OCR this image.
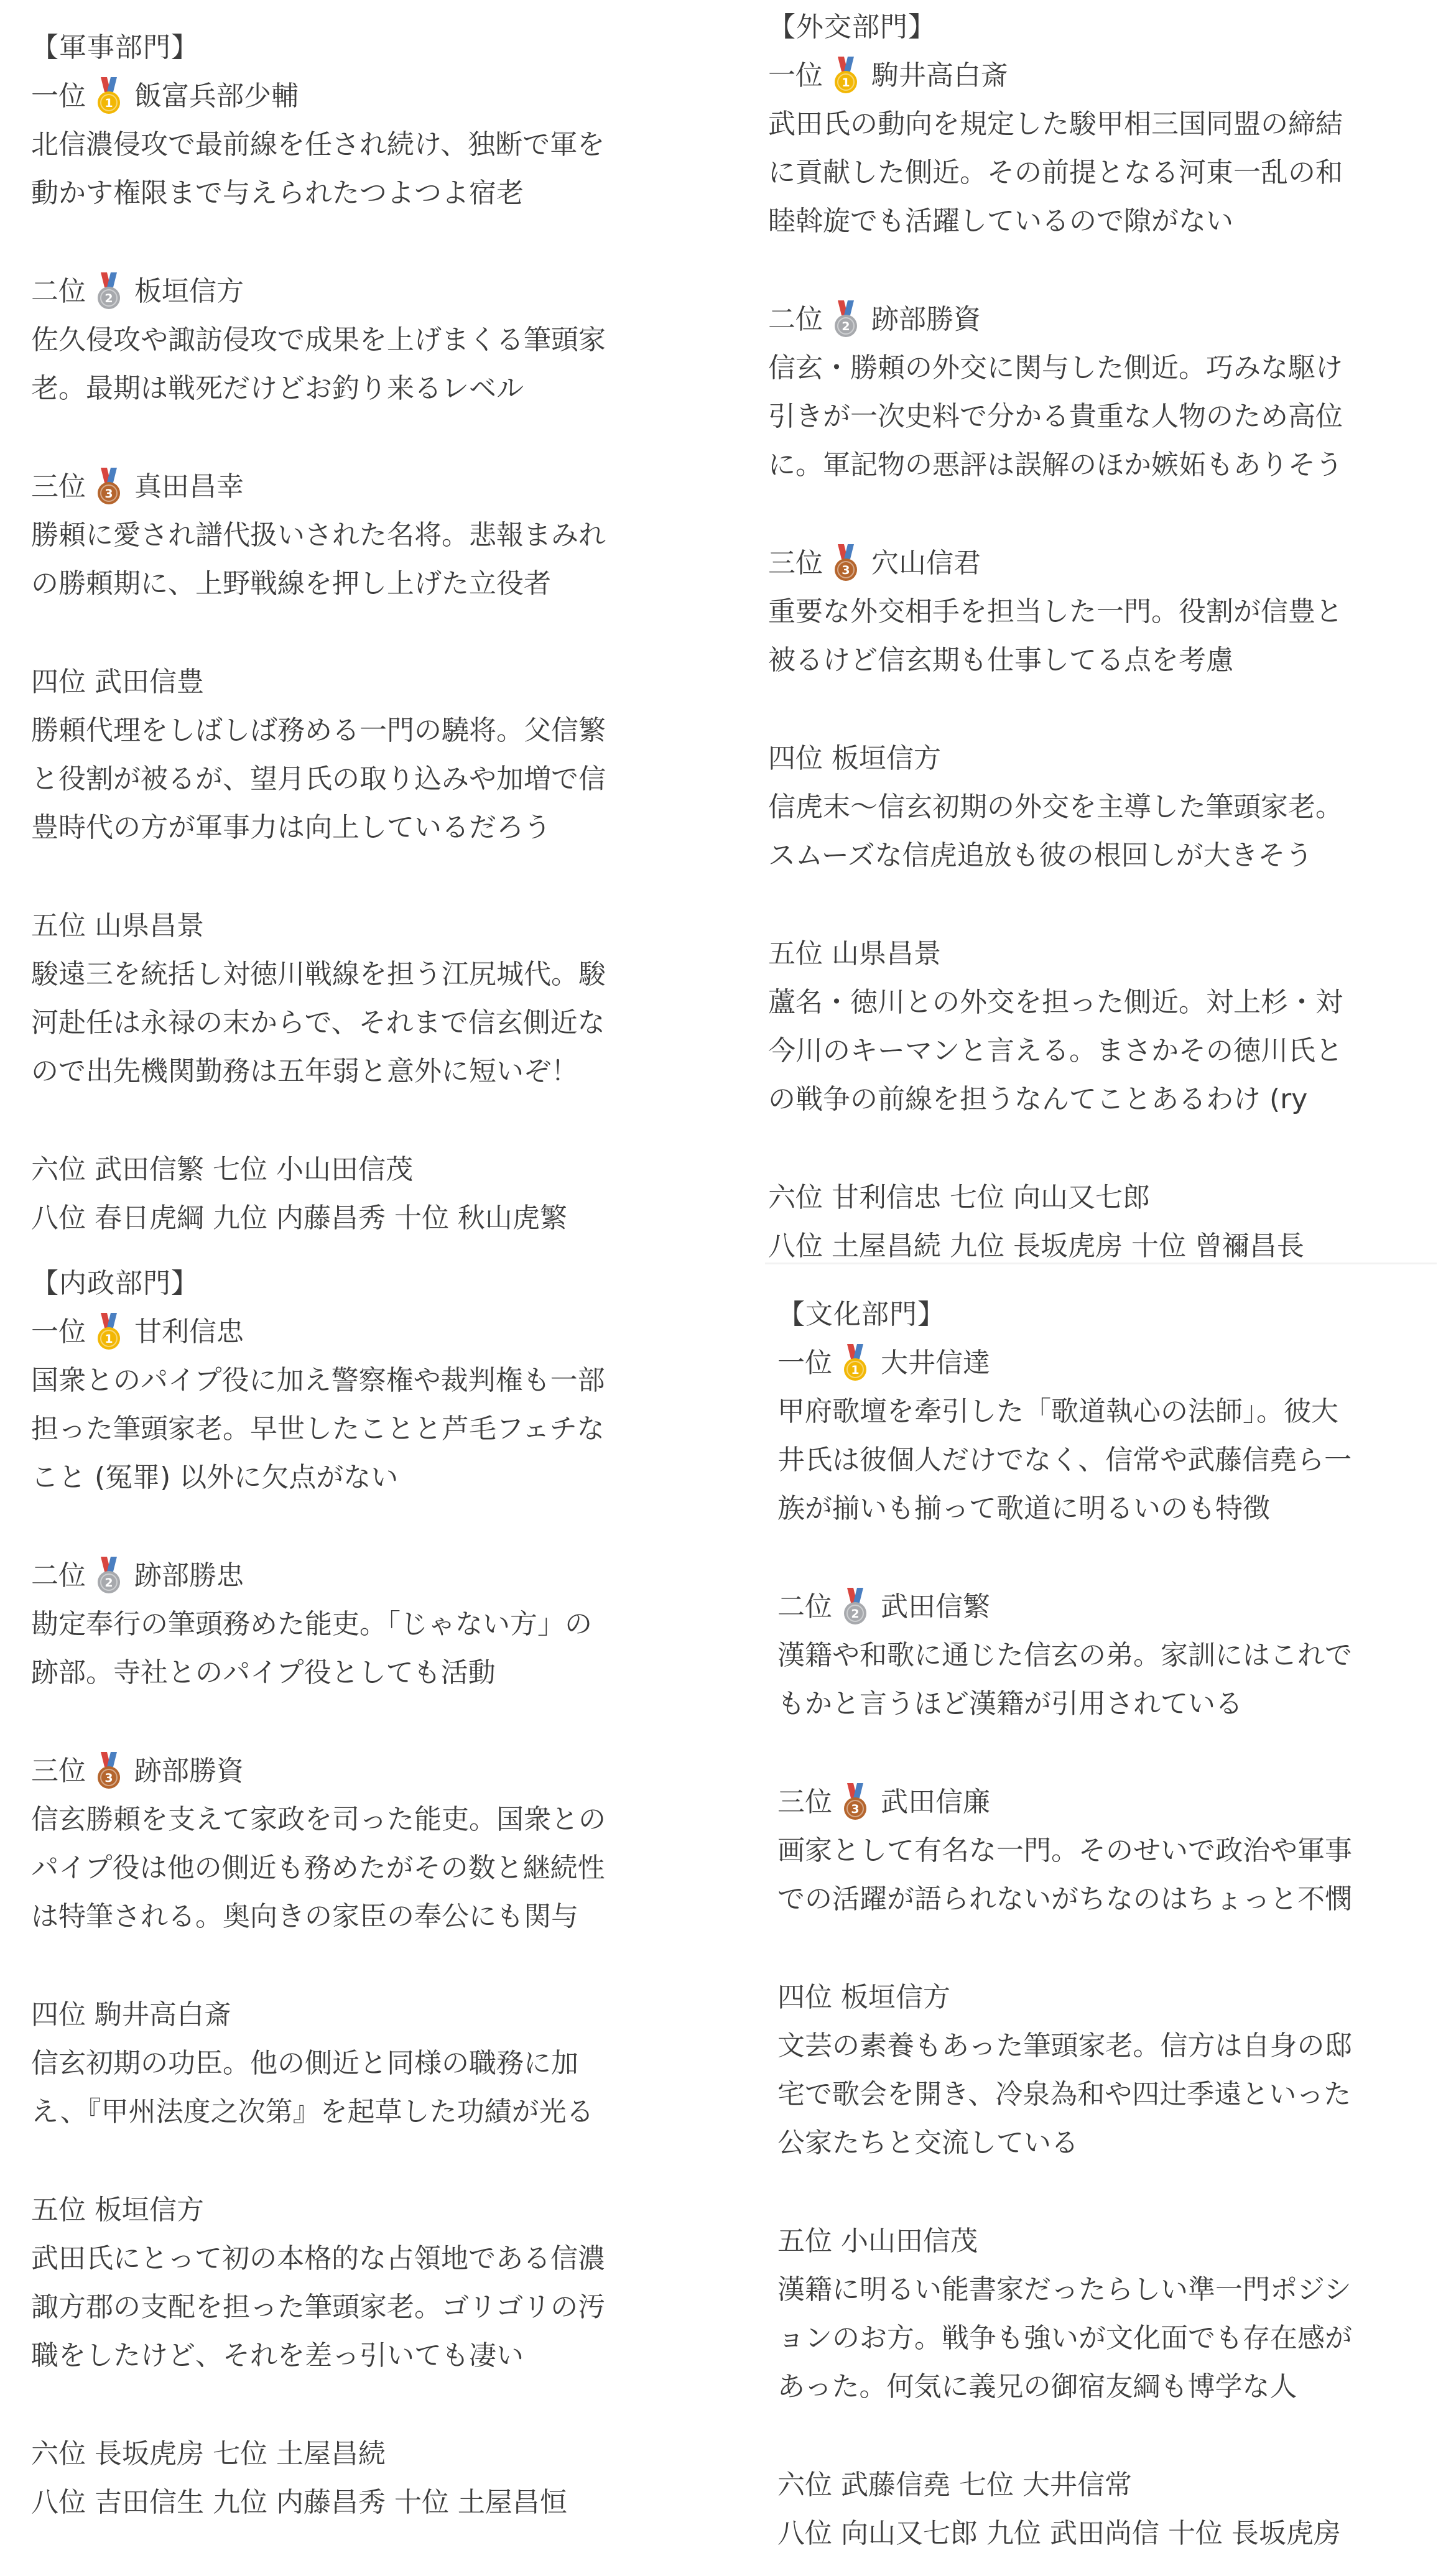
【軍事部門】
一位 1 飯富兵部少輔
北信濃侵攻で最前線を任され続け、独断で軍を
動かす権限まで与えられたつよつよ宿老
二位 2 板垣信方
佐久侵攻や諏訪侵攻で成果を上げまくる筆頭家
老。最期は戦死だけどお釣り来るレベル
三位 3 真田昌幸
勝頼に愛され譜代扱いされた名将。悲報まみれ
の勝頼期に、上野戦線を押し上げた立役者
四位 武田信豊
勝頼代理をしばしば務める一門の驍将。父信繁
と役割が被るが、望月氏の取り込みや加増で信
豊時代の方が軍事力は向上しているだろう
五位 山県昌景
駿遠三を統括し対徳川戦線を担う江尻城代。駿
河赴任は永禄の末からで、それまで信玄側近な
ので出先機関勤務は五年弱と意外に短いぞ！
六位 武田信繁 七位 小山田信茂
八位 春日虎綱 九位 内藤昌秀 十位 秋山虎繁
【外交部門】
一位 1 駒井高白斎
武田氏の動向を規定した駿甲相三国同盟の締結
に貢献した側近。その前提となる河東一乱の和
睦斡旋でも活躍しているので隙がない
二位 2 跡部勝資
信玄・勝頼の外交に関与した側近。巧みな駆け
引きが一次史料で分かる貴重な人物のため高位
に。軍記物の悪評は誤解のほか嫉妬もありそう
三位 3 穴山信君
重要な外交相手を担当した一門。役割が信豊と
被るけど信玄期も仕事してる点を考慮
四位 板垣信方
信虎末〜信玄初期の外交を主導した筆頭家老。
スムーズな信虎追放も彼の根回しが大きそう
五位 山県昌景
蘆名・徳川との外交を担った側近。対上杉・対
今川のキーマンと言える。まさかその徳川氏と
の戦争の前線を担うなんてことあるわけ (ry
六位 甘利信忠 七位 向山又七郎
八位 土屋昌続 九位 長坂虎房 十位 曾禰昌長
【内政部門】
一位 1 甘利信忠
国衆とのパイプ役に加え警察権や裁判権も一部
担った筆頭家老。早世したことと芦毛フェチな
こと (冤罪) 以外に欠点がない
二位 2 跡部勝忠
勘定奉行の筆頭務めた能吏。「じゃない方」の
跡部。寺社とのパイプ役としても活動
三位 3 跡部勝資
信玄勝頼を支えて家政を司った能吏。国衆との
パイプ役は他の側近も務めたがその数と継続性
は特筆される。奥向きの家臣の奉公にも関与
四位 駒井高白斎
信玄初期の功臣。他の側近と同様の職務に加
え、『甲州法度之次第』を起草した功績が光る
五位 板垣信方
武田氏にとって初の本格的な占領地である信濃
諏方郡の支配を担った筆頭家老。ゴリゴリの汚
職をしたけど、それを差っ引いても凄い
六位 長坂虎房 七位 土屋昌続
八位 吉田信生 九位 内藤昌秀 十位 土屋昌恒
【文化部門】
一位 1 大井信達
甲府歌壇を牽引した「歌道執心の法師」。彼大
井氏は彼個人だけでなく、信常や武藤信堯ら一
族が揃いも揃って歌道に明るいのも特徴
二位 2 武田信繁
漢籍や和歌に通じた信玄の弟。家訓にはこれで
もかと言うほど漢籍が引用されている
三位 3 武田信廉
画家として有名な一門。そのせいで政治や軍事
での活躍が語られないがちなのはちょっと不憫
四位 板垣信方
文芸の素養もあった筆頭家老。信方は自身の邸
宅で歌会を開き、冷泉為和や四辻季遠といった
公家たちと交流している
五位 小山田信茂
漢籍に明るい能書家だったらしい準一門ポジシ
ョンのお方。戦争も強いが文化面でも存在感が
あった。何気に義兄の御宿友綱も博学な人
六位 武藤信堯 七位 大井信常
八位 向山又七郎 九位 武田尚信 十位 長坂虎房
